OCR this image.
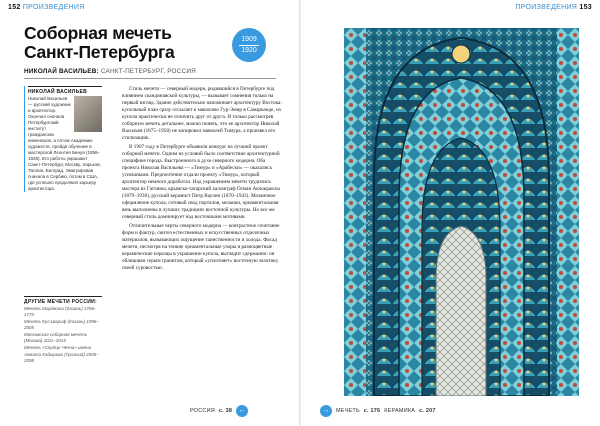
152 ПРОИЗВЕДЕНИЯ	ПРОИЗВЕДЕНИЯ 153
Соборная мечеть Санкт-Петербурга
1909
1920
НИКОЛАЙ ВАСИЛЬЕВ: САНКТ-ПЕТЕРБУРГ, РОССИЯ
НИКОЛАЙ ВАСИЛЬЕВ
Николай Васильев — русский художник и архитектор. Окончил сначала Петербургский институт гражданских инженеров, а потом Академию художеств, пройдя обучение в мастерской Леонтия Бенуа (1856–1928). Его работы украшают Санкт-Петербург, Москву, Харьков, Таллин, Белград. Эмигрировав сначала в Сербию, потом в США, где успешно продолжил карьеру архитектора.
ДРУГИЕ МЕЧЕТИ РОССИИ:
Мечеть Марджани (Казань) 1766–1770
Мечеть Кул-Шариф (Казань) 1996–2005
Московская соборная мечеть (Москва) 2011–2015
Мечеть «Сердце Чечни» имени Ахмата Кадырова (Грозный) 2006–2008

Стиль мечети — северный модерн, родившийся в Петербурге под влиянием скандинавской культуры, — вызывает сомнения только на первый взгляд. Здание действительно напоминает архитектуру Востока: купольный план сразу отсылает к мавзолею Гур-Эмир в Самарканде, их купола практически не отличить друг от друга. И только рассмотрев соборную мечеть детальнее, можно понять, что ее архитектор Николай Васильев (1875–1958) не копировал мавзолей Тимура, а произвел его стилизацию.

В 1907 году в Петербурге объявили конкурс на лучший проект соборной мечети. Одним из условий было соответствие архитектурной специфике города. Выстроенного в духе северного модерна. Оба проекта Николая Васильева — «Тимур» и «Арабески» — оказались успешными. Предпочтение отдали проекту «Тимур», который архитектор немного доработал. Над украшением мечети трудились мастера из Гатчины, крымско-татарский каллиграф Осман Акчокраклы (1879–1938), русский керамист Петр Ваулин (1870–1943). Мозаичное оформление купола, сотовый свод порталов, мозаики, орнаментальная вязь выполнены в лучших традициях восточной культуры. Но все же северный стиль доминирует над восточными мотивами.

Отличительные черты северного модерна — контрастное сочетание форм и фактур, синтез естественных и искусственных отделочных материалов, вызывающих ощущение таинственности и холода. Фасад мечети, несмотря на тонкие орнаментальные узоры и разноцветные керамические изразцы в украшении купола, выглядит сдержанно: он облицован серым гранитом, который «уплотняет» восточную экзотику своей суровостью.

РОССИЯ с. 38 ←	→	МЕЧЕТЬ с. 176 КЕРАМИКА с. 207
